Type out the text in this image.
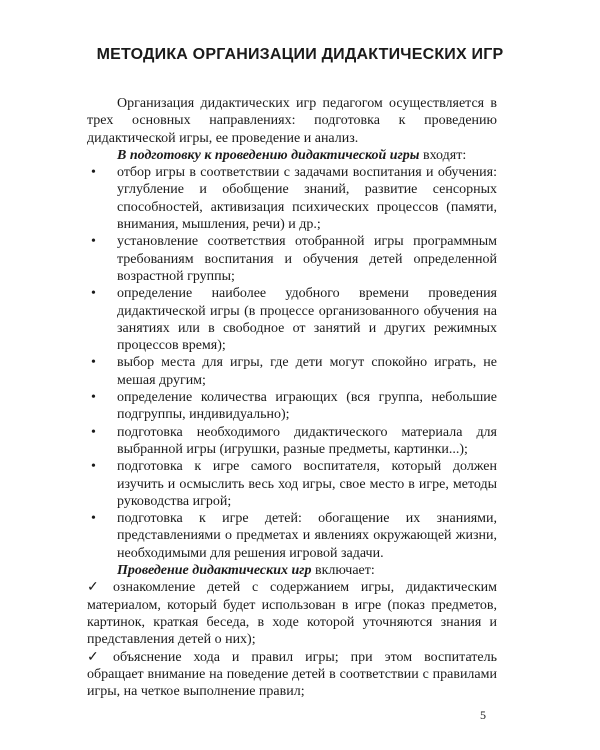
МЕТОДИКА ОРГАНИЗАЦИИ ДИДАКТИЧЕСКИХ ИГР

Организация дидактических игр педагогом осуществляется в трех основных направлениях: подготовка к проведению дидактической игры, ее проведение и анализ.

В подготовку к проведению дидактической игры входят:

• отбор игры в соответствии с задачами воспитания и обучения: углубление и обобщение знаний, развитие сенсорных способностей, активизация психических процессов (памяти, внимания, мышления, речи) и др.;
• установление соответствия отобранной игры программным требованиям воспитания и обучения детей определенной возрастной группы;
• определение наиболее удобного времени проведения дидактической игры (в процессе организованного обучения на занятиях или в свободное от занятий и других режимных процессов время);
• выбор места для игры, где дети могут спокойно играть, не мешая другим;
• определение количества играющих (вся группа, небольшие подгруппы, индивидуально);
• подготовка необходимого дидактического материала для выбранной игры (игрушки, разные предметы, картинки...);
• подготовка к игре самого воспитателя, который должен изучить и осмыслить весь ход игры, свое место в игре, методы руководства игрой;
• подготовка к игре детей: обогащение их знаниями, представлениями о предметах и явлениях окружающей жизни, необходимыми для решения игровой задачи.

Проведение дидактических игр включает:

✓ ознакомление детей с содержанием игры, дидактическим материалом, который будет использован в игре (показ предметов, картинок, краткая беседа, в ходе которой уточняются знания и представления детей о них);
✓ объяснение хода и правил игры; при этом воспитатель обращает внимание на поведение детей в соответствии с правилами игры, на четкое выполнение правил;
5
